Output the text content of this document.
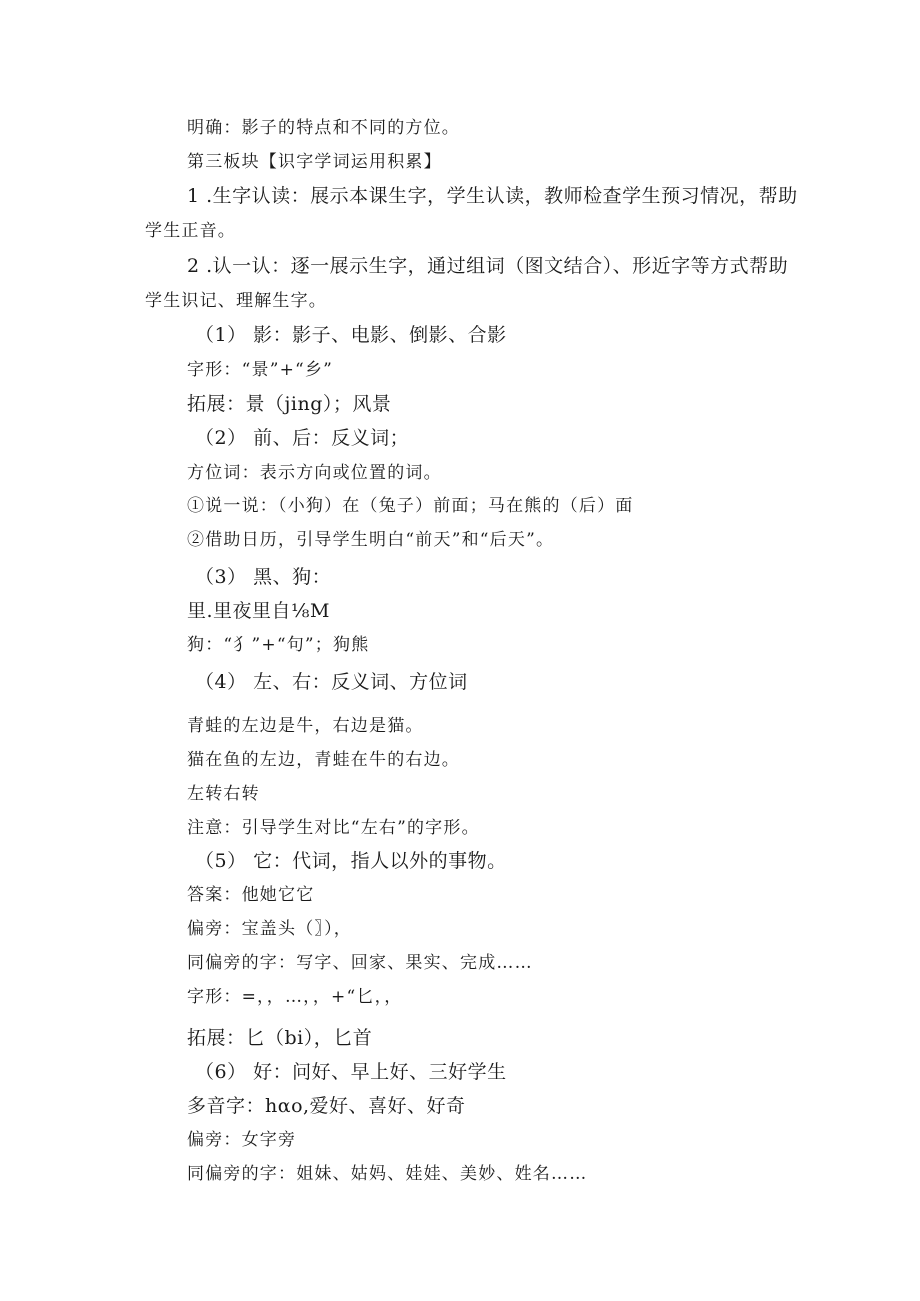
明确：影子的特点和不同的方位。
第三板块【识字学词运用积累】
1 .生字认读：展示本课生字，学生认读，教师检查学生预习情况，帮助
学生正音。
2 .认一认：逐一展示生字，通过组词（图文结合）、形近字等方式帮助
学生识记、理解生字。
（1） 影：影子、电影、倒影、合影
字形：“景”+“乡”
拓展：景（jing）；风景
（2） 前、后：反义词；
方位词：表示方向或位置的词。
①说一说：（小狗）在（兔子）前面；马在熊的（后）面
②借助日历，引导学生明白“前天”和“后天”。
（3） 黑、狗：
里.里夜里自⅛M
狗：“犭”+“句”；狗熊
（4） 左、右：反义词、方位词
青蛙的左边是牛，右边是猫。
猫在鱼的左边，青蛙在牛的右边。
左转右转
注意：引导学生对比“左右”的字形。
（5） 它：代词，指人以外的事物。
答案：他她它它
偏旁：宝盖头（〗），
同偏旁的字：写字、回家、果实、完成……
字形：=，，…，，+“匕，，
拓展：匕（bi），匕首
（6） 好：问好、早上好、三好学生
多音字：hαo,爱好、喜好、好奇
偏旁：女字旁
同偏旁的字：姐妹、姑妈、娃娃、美妙、姓名……
